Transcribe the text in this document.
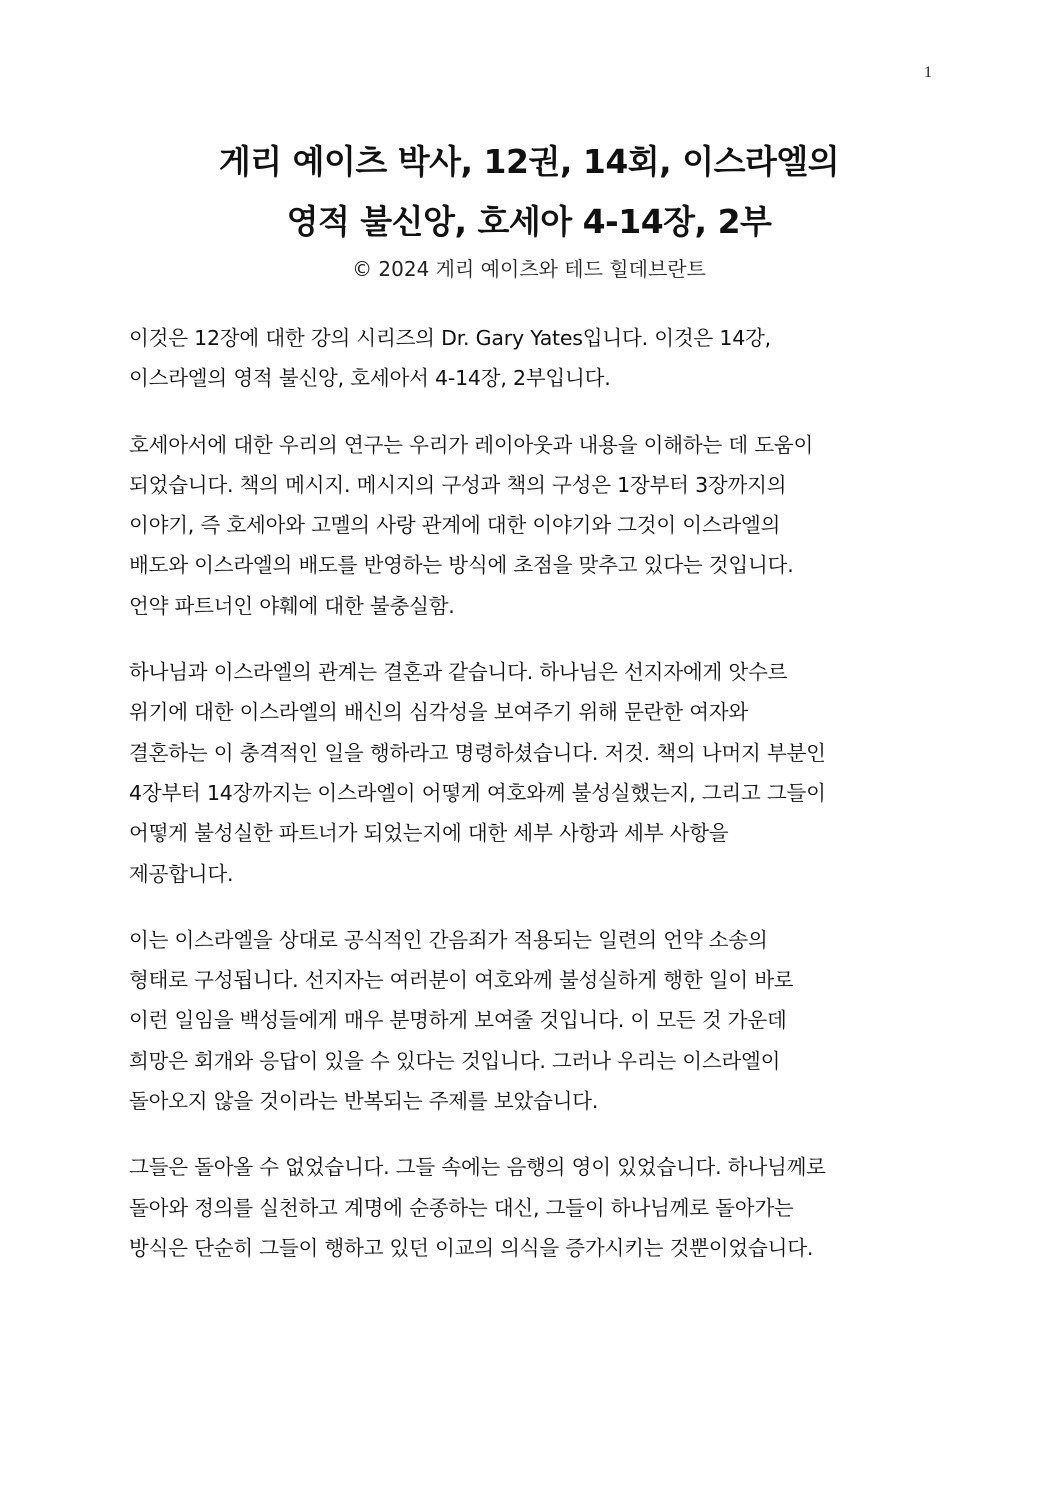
1
게리 예이츠 박사, 12권, 14회, 이스라엘의
영적 불신앙, 호세아 4-14장, 2부
© 2024 게리 예이츠와 테드 힐데브란트
이것은 12장에 대한 강의 시리즈의 Dr. Gary Yates입니다. 이것은 14강,
이스라엘의 영적 불신앙, 호세아서 4-14장, 2부입니다.
호세아서에 대한 우리의 연구는 우리가 레이아웃과 내용을 이해하는 데 도움이
되었습니다. 책의 메시지. 메시지의 구성과 책의 구성은 1장부터 3장까지의
이야기, 즉 호세아와 고멜의 사랑 관계에 대한 이야기와 그것이 이스라엘의
배도와 이스라엘의 배도를 반영하는 방식에 초점을 맞추고 있다는 것입니다.
언약 파트너인 야훼에 대한 불충실함.
하나님과 이스라엘의 관계는 결혼과 같습니다. 하나님은 선지자에게 앗수르
위기에 대한 이스라엘의 배신의 심각성을 보여주기 위해 문란한 여자와
결혼하는 이 충격적인 일을 행하라고 명령하셨습니다. 저것. 책의 나머지 부분인
4장부터 14장까지는 이스라엘이 어떻게 여호와께 불성실했는지, 그리고 그들이
어떻게 불성실한 파트너가 되었는지에 대한 세부 사항과 세부 사항을
제공합니다.
이는 이스라엘을 상대로 공식적인 간음죄가 적용되는 일련의 언약 소송의
형태로 구성됩니다. 선지자는 여러분이 여호와께 불성실하게 행한 일이 바로
이런 일임을 백성들에게 매우 분명하게 보여줄 것입니다. 이 모든 것 가운데
희망은 회개와 응답이 있을 수 있다는 것입니다. 그러나 우리는 이스라엘이
돌아오지 않을 것이라는 반복되는 주제를 보았습니다.
그들은 돌아올 수 없었습니다. 그들 속에는 음행의 영이 있었습니다. 하나님께로
돌아와 정의를 실천하고 계명에 순종하는 대신, 그들이 하나님께로 돌아가는
방식은 단순히 그들이 행하고 있던 이교의 의식을 증가시키는 것뿐이었습니다.
